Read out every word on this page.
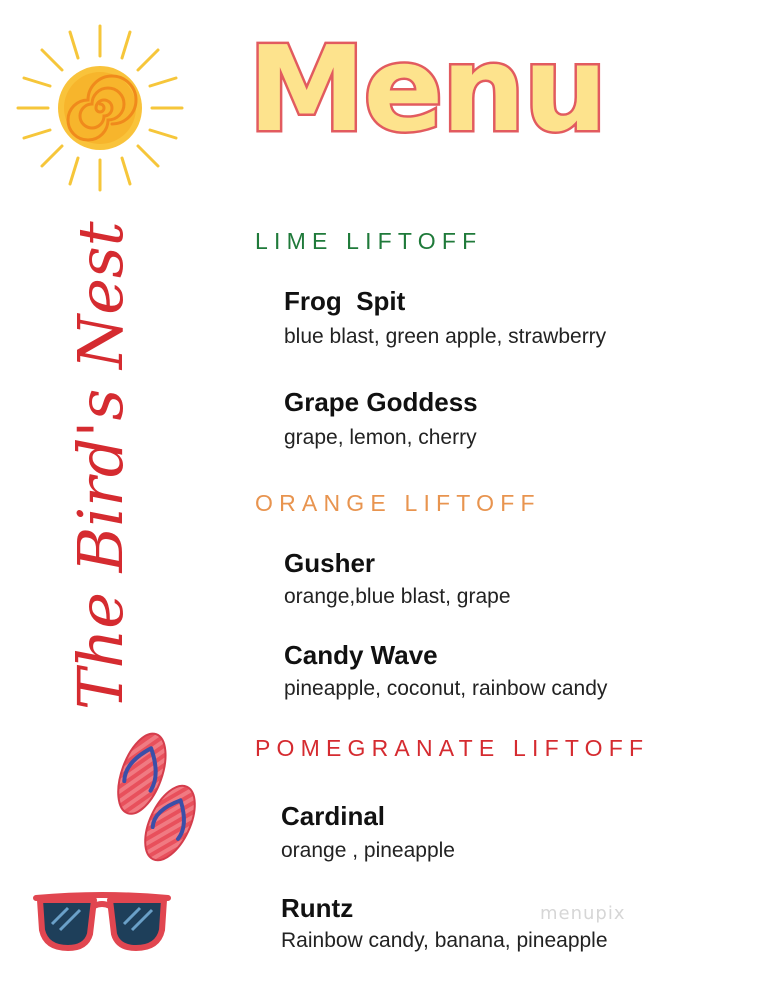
Menu
The Bird's Nest	LIME LIFTOFF
Frog  Spit
blue blast, green apple, strawberry
Grape Goddess
grape, lemon, cherry
ORANGE LIFTOFF
Gusher
orange,blue blast, grape
Candy Wave
pineapple, coconut, rainbow candy
POMEGRANATE LIFTOFF
Cardinal
orange , pineapple
Runtz
Rainbow candy, banana, pineapple
menupix
